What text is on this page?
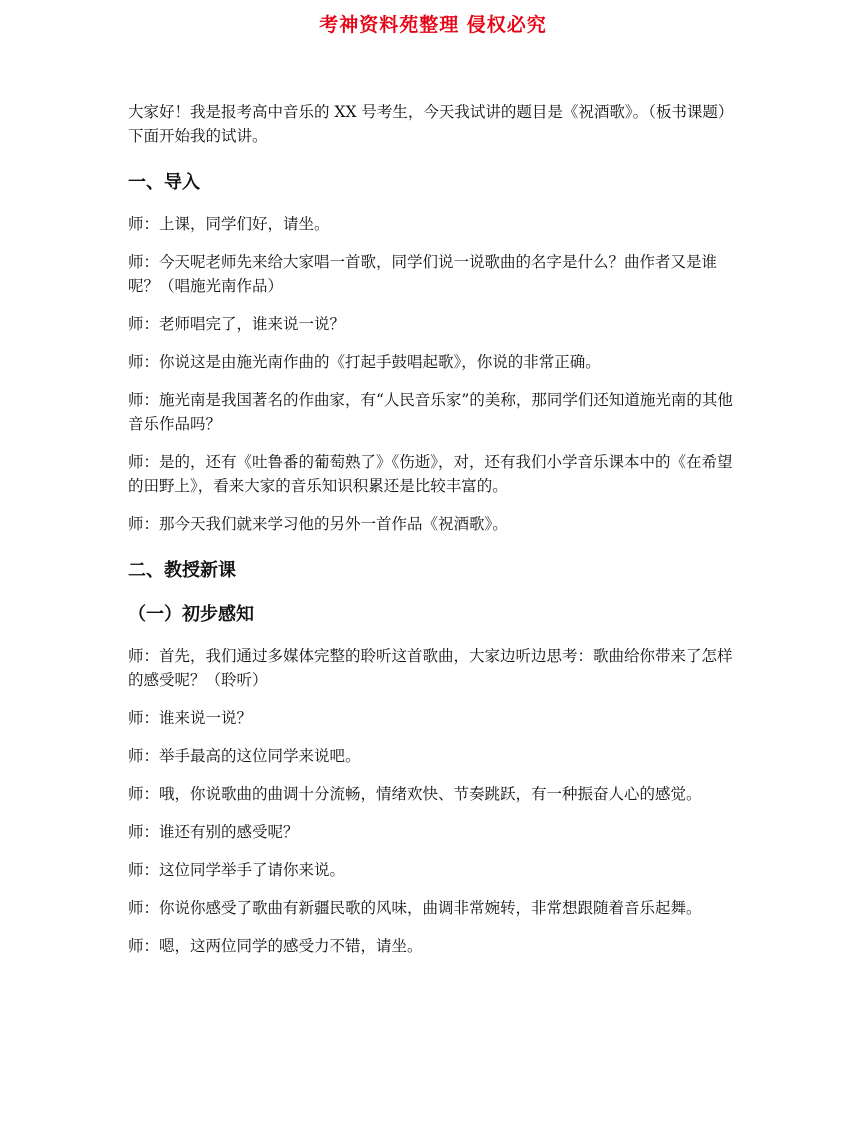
考神资料苑整理 侵权必究

大家好！我是报考高中音乐的 XX 号考生，今天我试讲的题目是《祝酒歌》。（板书课题）下面开始我的试讲。

一、导入

师：上课，同学们好，请坐。

师：今天呢老师先来给大家唱一首歌，同学们说一说歌曲的名字是什么？曲作者又是谁呢？（唱施光南作品）

师：老师唱完了，谁来说一说？

师：你说这是由施光南作曲的《打起手鼓唱起歌》，你说的非常正确。

师：施光南是我国著名的作曲家，有“人民音乐家”的美称，那同学们还知道施光南的其他音乐作品吗？

师：是的，还有《吐鲁番的葡萄熟了》《伤逝》，对，还有我们小学音乐课本中的《在希望的田野上》，看来大家的音乐知识积累还是比较丰富的。

师：那今天我们就来学习他的另外一首作品《祝酒歌》。

二、教授新课
（一）初步感知

师：首先，我们通过多媒体完整的聆听这首歌曲，大家边听边思考：歌曲给你带来了怎样的感受呢？（聆听）

师：谁来说一说？

师：举手最高的这位同学来说吧。

师：哦，你说歌曲的曲调十分流畅，情绪欢快、节奏跳跃，有一种振奋人心的感觉。

师：谁还有别的感受呢？

师：这位同学举手了请你来说。

师：你说你感受了歌曲有新疆民歌的风味，曲调非常婉转，非常想跟随着音乐起舞。

师：嗯，这两位同学的感受力不错，请坐。
